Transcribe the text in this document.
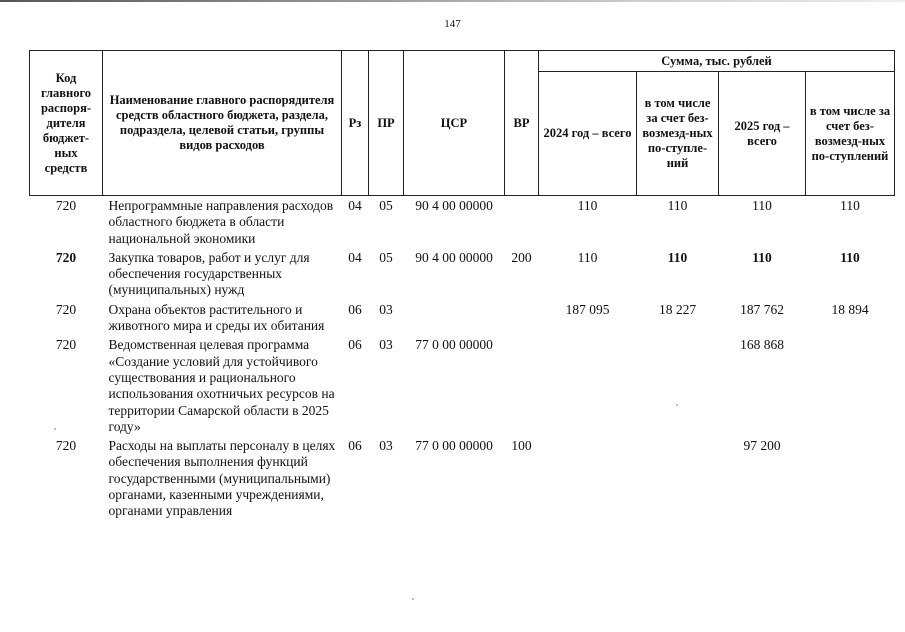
147
Код главного распоря-дителя бюджет-ных средств	Наименование главного распорядителя средств областного бюджета, раздела, подраздела, целевой статьи, группы видов расходов	Рз	ПР	ЦСР	ВР	Сумма, тыс. рублей			
						2024 год – всего	в том числе за счет без-возмезд-ных по-ступле-ний	2025 год – всего	в том числе за счет без-возмезд-ных по-ступлений
720	Непрограммные направления расходов областного бюджета в области национальной экономики	04	05	90 4 00 00000		110	110	110	110
720	Закупка товаров, работ и услуг для обеспечения государственных (муниципальных) нужд	04	05	90 4 00 00000	200	110	110	110	110
720	Охрана объектов растительного и животного мира и среды их обитания	06	03			187 095	18 227	187 762	18 894
720	Ведомственная целевая программа «Создание условий для устойчивого существования и рационального использования охотничьих ресурсов на территории Самарской области в 2025 году»	06	03	77 0 00 00000				168 868	
720	Расходы на выплаты персоналу в целях обеспечения выполнения функций государственными (муниципальными) органами, казенными учреждениями, органами управления	06	03	77 0 00 00000	100			97 200	
